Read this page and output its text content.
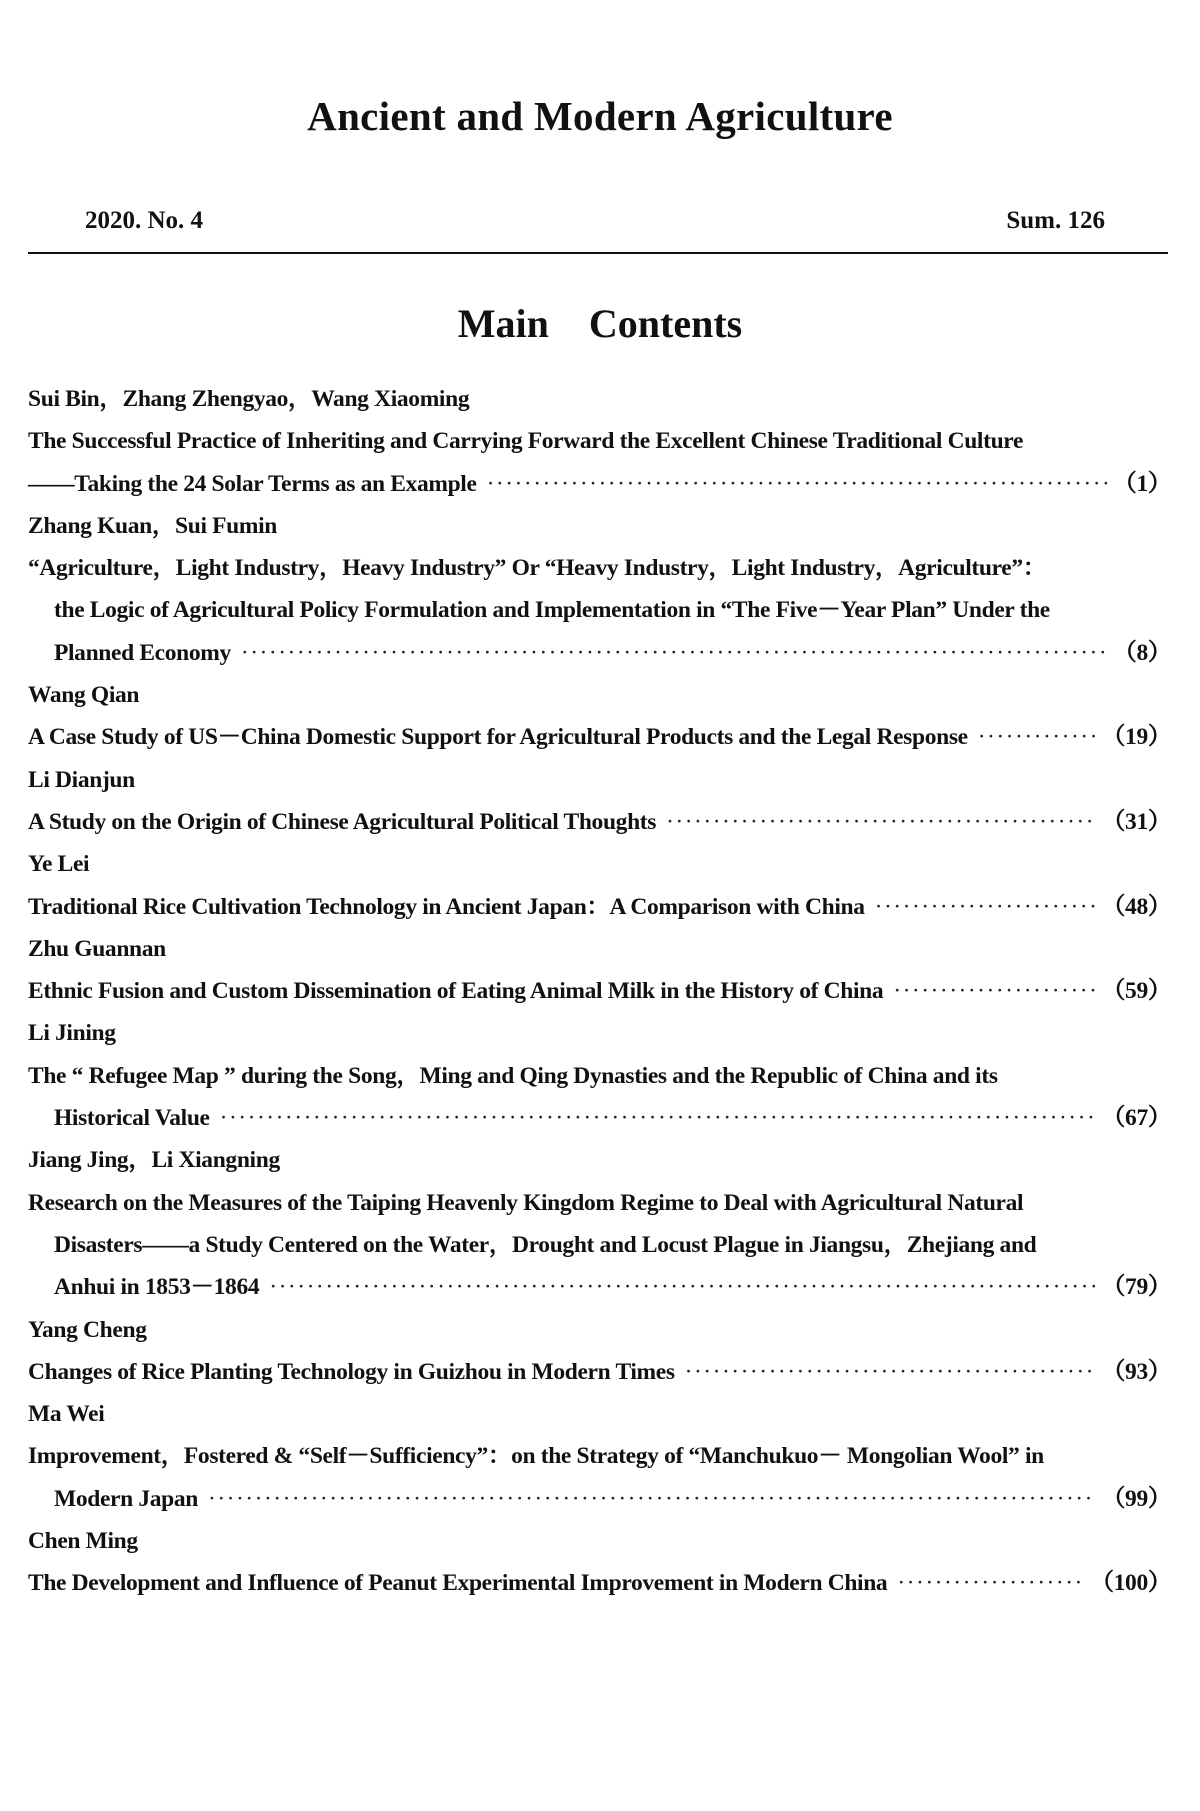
Ancient and Modern Agriculture
2020. No. 4	Sum. 126
Main　Contents
Sui Bin，Zhang Zhengyao，Wang Xiaoming
The Successful Practice of Inheriting and Carrying Forward the Excellent Chinese Traditional Culture
——Taking the 24 Solar Terms as an Example ·····	（1）
Zhang Kuan，Sui Fumin
“Agriculture，Light Industry，Heavy Industry” Or “Heavy Industry，Light Industry，Agriculture”：
the Logic of Agricultural Policy Formulation and Implementation in “The Five－Year Plan” Under the
Planned Economy ·····	（8）
Wang Qian
A Case Study of US－China Domestic Support for Agricultural Products and the Legal Response ·····	（19）
Li Dianjun
A Study on the Origin of Chinese Agricultural Political Thoughts ·····	（31）
Ye Lei
Traditional Rice Cultivation Technology in Ancient Japan：A Comparison with China ·····	（48）
Zhu Guannan
Ethnic Fusion and Custom Dissemination of Eating Animal Milk in the History of China ·····	（59）
Li Jining
The “ Refugee Map ” during the Song，Ming and Qing Dynasties and the Republic of China and its
Historical Value ·····	（67）
Jiang Jing，Li Xiangning
Research on the Measures of the Taiping Heavenly Kingdom Regime to Deal with Agricultural Natural
Disasters——a Study Centered on the Water，Drought and Locust Plague in Jiangsu，Zhejiang and
Anhui in 1853－1864 ·····	（79）
Yang Cheng
Changes of Rice Planting Technology in Guizhou in Modern Times ·····	（93）
Ma Wei
Improvement，Fostered & “Self－Sufficiency”：on the Strategy of “Manchukuo－ Mongolian Wool” in
Modern Japan ·····	（99）
Chen Ming
The Development and Influence of Peanut Experimental Improvement in Modern China ·····	（100）
